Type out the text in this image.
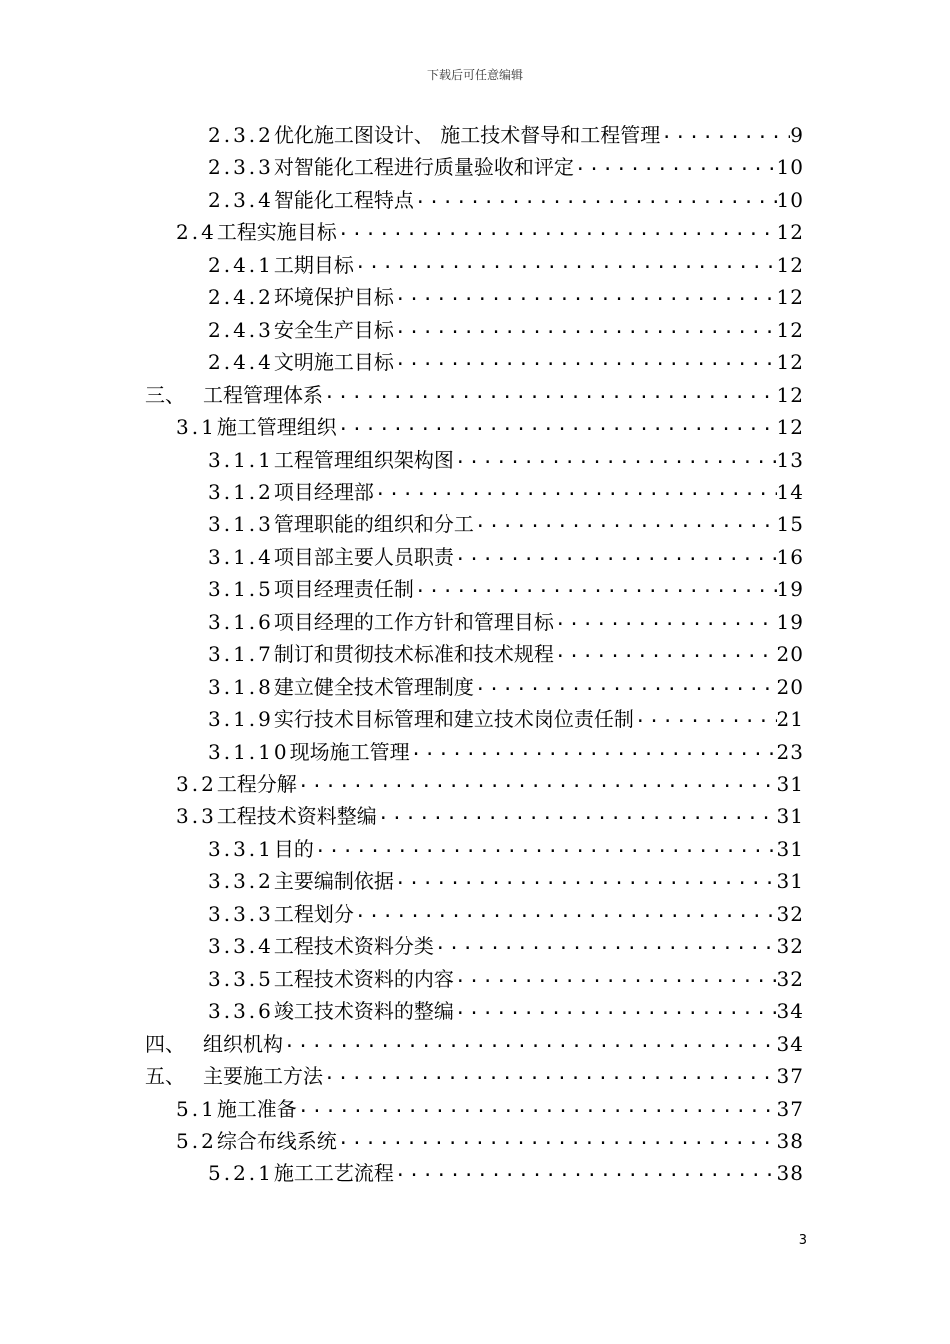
下载后可任意编辑
2.3.2优化施工图设计、 施工技术督导和工程管理 . . .	9
2.3.3对智能化工程进行质量验收和评定 . . .	10
2.3.4智能化工程特点 . . .	10
2.4工程实施目标 . . .	12
2.4.1工期目标 . . .	12
2.4.2环境保护目标 . . .	12
2.4.3安全生产目标 . . .	12
2.4.4文明施工目标 . . .	12
三、 工程管理体系 . . .	12
3.1施工管理组织 . . .	12
3.1.1工程管理组织架构图 . . .	13
3.1.2项目经理部 . . .	14
3.1.3管理职能的组织和分工 . . .	15
3.1.4项目部主要人员职责 . . .	16
3.1.5项目经理责任制 . . .	19
3.1.6项目经理的工作方针和管理目标 . . .	19
3.1.7制订和贯彻技术标准和技术规程 . . .	20
3.1.8建立健全技术管理制度 . . .	20
3.1.9实行技术目标管理和建立技术岗位责任制 . . .	21
3.1.10现场施工管理 . . .	23
3.2工程分解 . . .	31
3.3工程技术资料整编 . . .	31
3.3.1目的 . . .	31
3.3.2主要编制依据 . . .	31
3.3.3工程划分 . . .	32
3.3.4工程技术资料分类 . . .	32
3.3.5工程技术资料的内容 . . .	32
3.3.6竣工技术资料的整编 . . .	34
四、 组织机构 . . .	34
五、 主要施工方法 . . .	37
5.1施工准备 . . .	37
5.2综合布线系统 . . .	38
5.2.1施工工艺流程 . . .	38
3
